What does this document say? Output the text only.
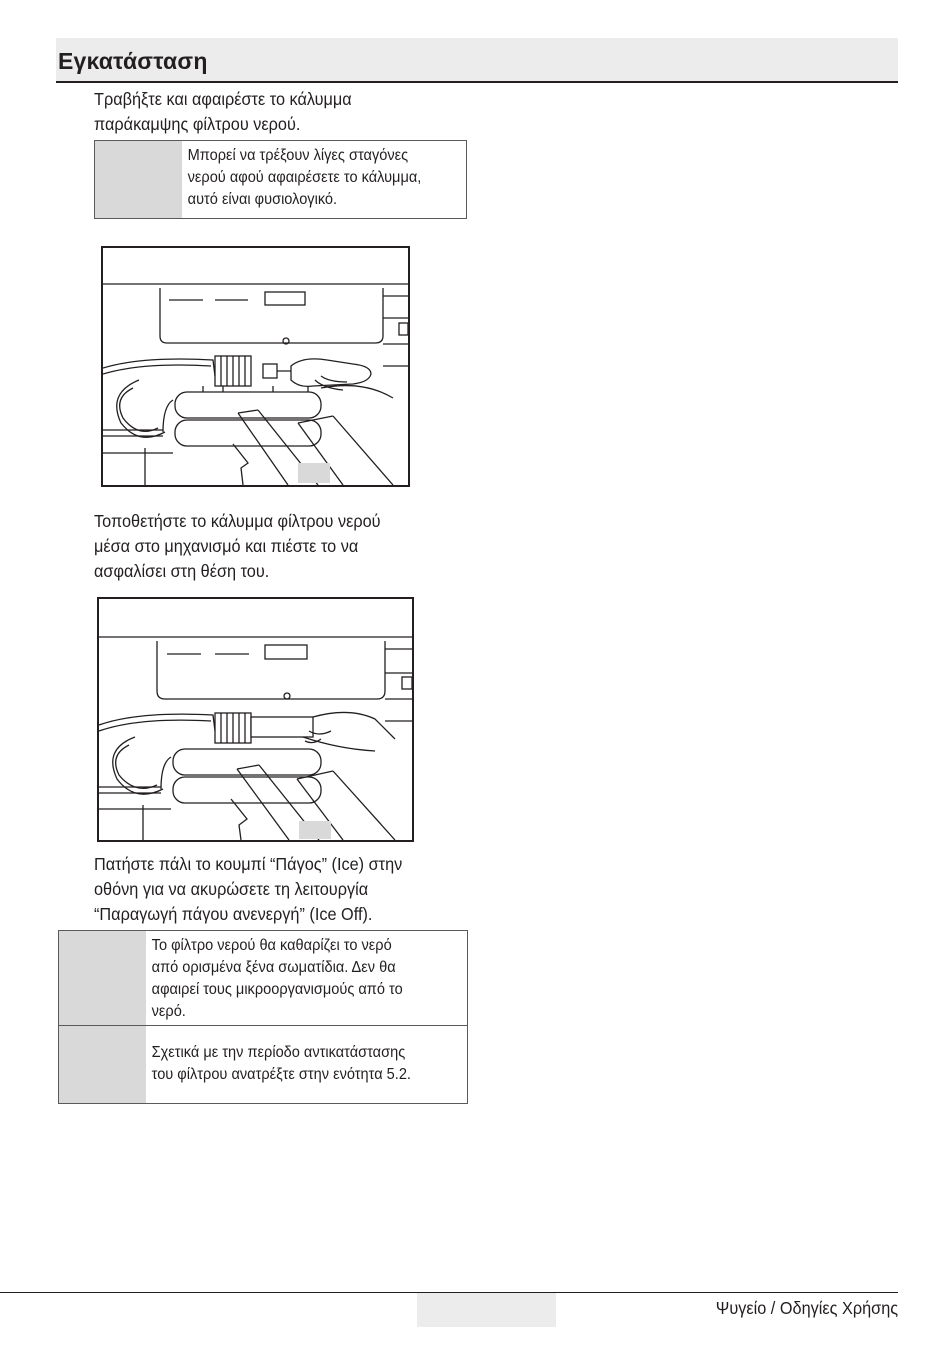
Εγκατάσταση
Τραβήξτε και αφαιρέστε το κάλυμμα
παράκαμψης φίλτρου νερού.
Μπορεί να τρέξουν λίγες σταγόνες
νερού αφού αφαιρέσετε το κάλυμμα,
αυτό είναι φυσιολογικό.
Τοποθετήστε το κάλυμμα φίλτρου νερού
μέσα στο μηχανισμό και πιέστε το να
ασφαλίσει στη θέση του.
Πατήστε πάλι το κουμπί “Πάγος” (Ice) στην
οθόνη για να ακυρώσετε τη λειτουργία
“Παραγωγή πάγου ανενεργή” (Ice Off).
Το φίλτρο νερού θα καθαρίζει το νερό
από ορισμένα ξένα σωματίδια. Δεν θα
αφαιρεί τους μικροοργανισμούς από το
νερό.
Σχετικά με την περίοδο αντικατάστασης
του φίλτρου ανατρέξτε στην ενότητα 5.2.
Ψυγείο / Οδηγίες Χρήσης
